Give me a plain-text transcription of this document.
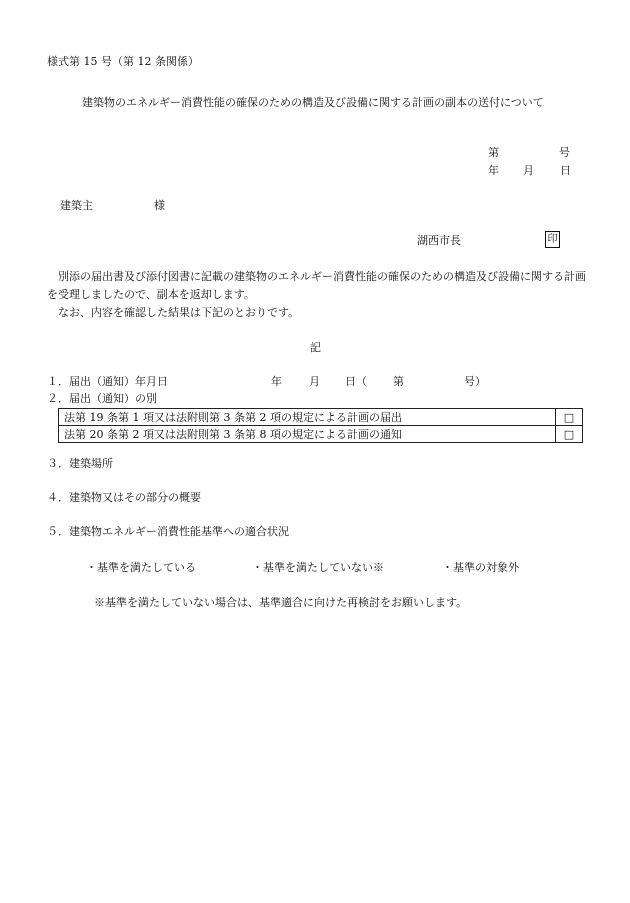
様式第 15 号（第 12 条関係）
建築物のエネルギー消費性能の確保のための構造及び設備に関する計画の副本の送付について
第	号
年 月 日
建築主	様
湖西市長	印

　別添の届出書及び添付図書に記載の建築物のエネルギー消費性能の確保のための構造及び設備に関する計画を受理しましたので、副本を返却します。

　なお、内容を確認した結果は下記のとおりです。

記
１．届出（通知）年月日	年 月 日（ 第	号）
２．届出（通知）の別
法第 19 条第 1 項又は法附則第 3 条第 2 項の規定による計画の届出	□
法第 20 条第 2 項又は法附則第 3 条第 8 項の規定による計画の通知	□
３．建築場所
４．建築物又はその部分の概要
５．建築物エネルギー消費性能基準への適合状況
・基準を満たしている	・基準を満たしていない※	・基準の対象外
※基準を満たしていない場合は、基準適合に向けた再検討をお願いします。
